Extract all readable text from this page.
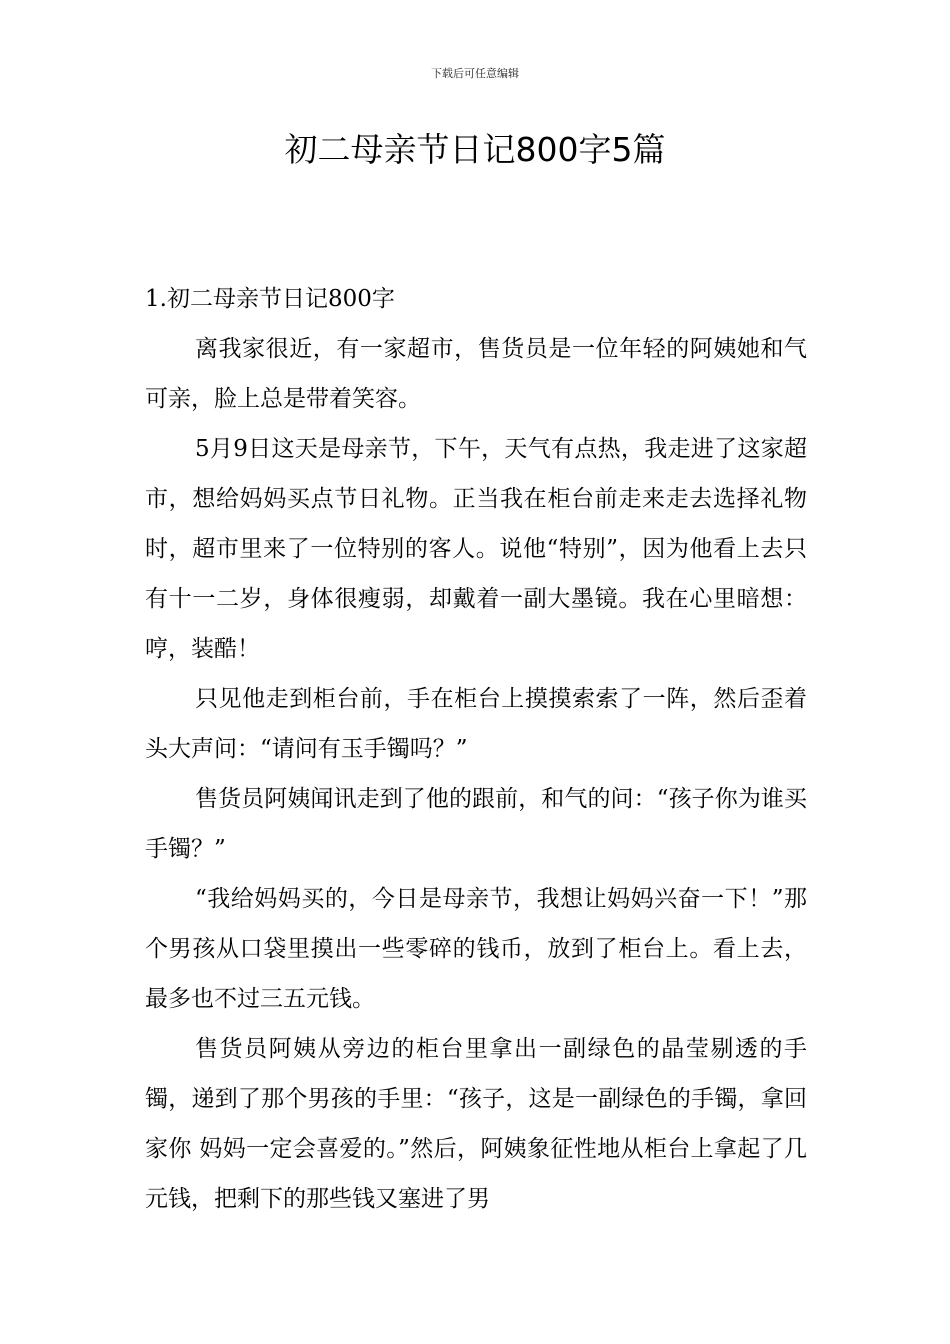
下载后可任意编辑
初二母亲节日记800字5篇

1.初二母亲节日记800字

离我家很近，有一家超市，售货员是一位年轻的阿姨她和气可亲，脸上总是带着笑容。

5月9日这天是母亲节，下午，天气有点热，我走进了这家超市，想给妈妈买点节日礼物。正当我在柜台前走来走去选择礼物时，超市里来了一位特别的客人。说他“特别”，因为他看上去只有十一二岁，身体很瘦弱，却戴着一副大墨镜。我在心里暗想：哼，装酷！

只见他走到柜台前，手在柜台上摸摸索索了一阵，然后歪着头大声问：“请问有玉手镯吗？”

售货员阿姨闻讯走到了他的跟前，和气的问：“孩子你为谁买手镯？”

“我给妈妈买的，今日是母亲节，我想让妈妈兴奋一下！”那个男孩从口袋里摸出一些零碎的钱币，放到了柜台上。看上去，最多也不过三五元钱。

售货员阿姨从旁边的柜台里拿出一副绿色的晶莹剔透的手镯，递到了那个男孩的手里：“孩子，这是一副绿色的手镯，拿回家你 妈妈一定会喜爱的。”然后，阿姨象征性地从柜台上拿起了几元钱，把剩下的那些钱又塞进了男
